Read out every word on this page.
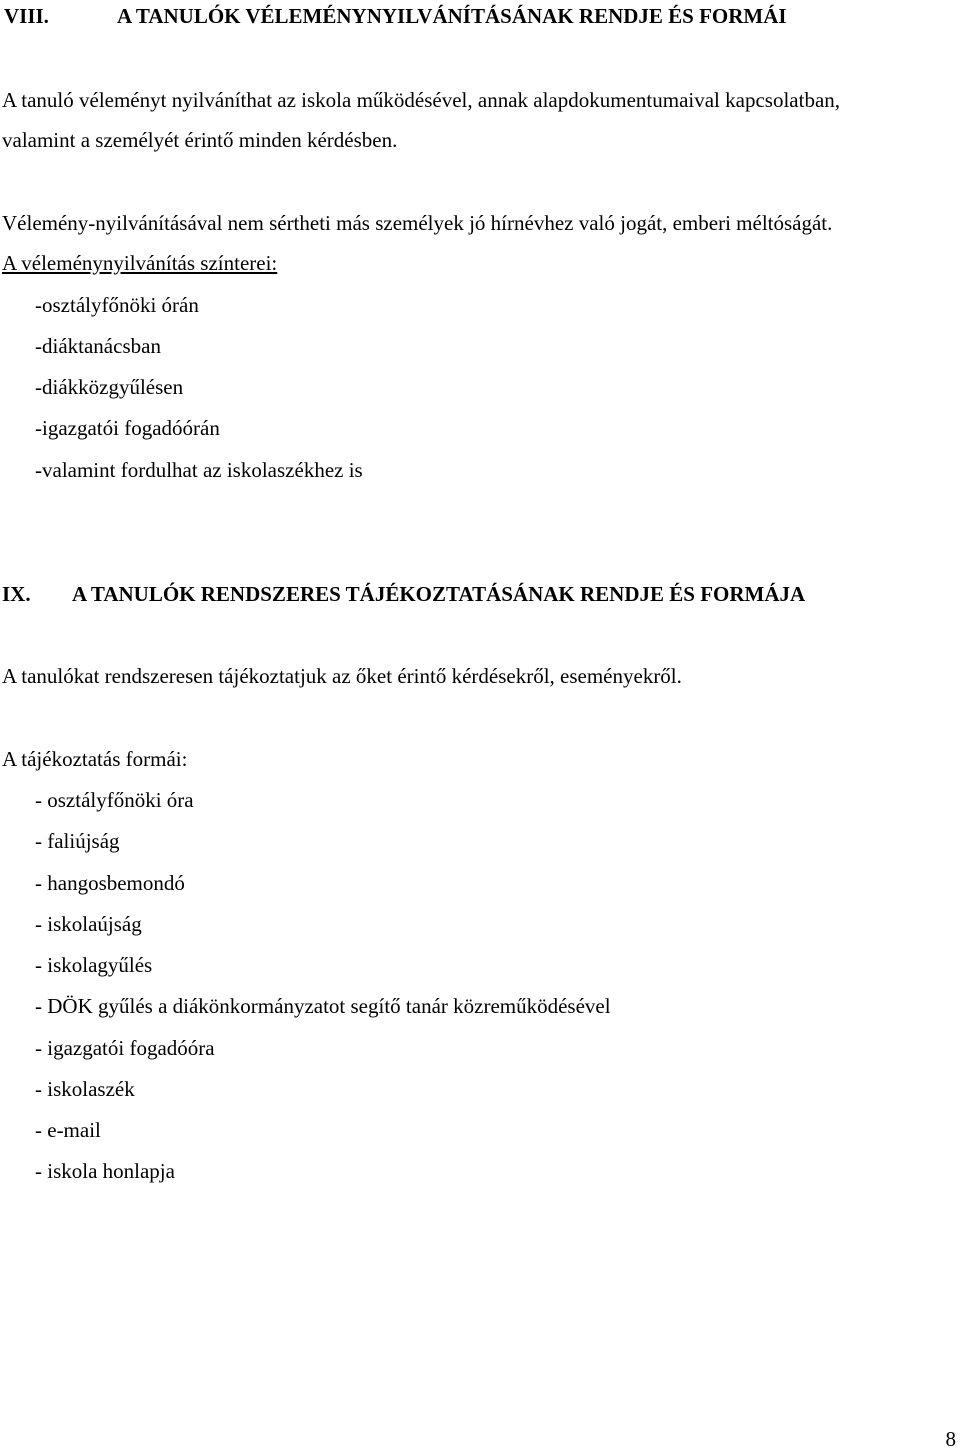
VIII.	A TANULÓK VÉLEMÉNYNYILVÁNÍTÁSÁNAK RENDJE ÉS FORMÁI
A tanuló véleményt nyilváníthat az iskola működésével, annak alapdokumentumaival kapcsolatban,
valamint a személyét érintő minden kérdésben.
Vélemény-nyilvánításával nem sértheti más személyek jó hírnévhez való jogát, emberi méltóságát.
A véleménynyilvánítás színterei:
-osztályfőnöki órán
-diáktanácsban
-diákközgyűlésen
-igazgatói fogadóórán
-valamint fordulhat az iskolaszékhez is
IX. A TANULÓK RENDSZERES TÁJÉKOZTATÁSÁNAK RENDJE ÉS FORMÁJA
A tanulókat rendszeresen tájékoztatjuk az őket érintő kérdésekről, eseményekről.
A tájékoztatás formái:
- osztályfőnöki óra
- faliújság
- hangosbemondó
- iskolaújság
- iskolagyűlés
- DÖK gyűlés a diákönkormányzatot segítő tanár közreműködésével
- igazgatói fogadóóra
- iskolaszék
- e-mail
- iskola honlapja
8
